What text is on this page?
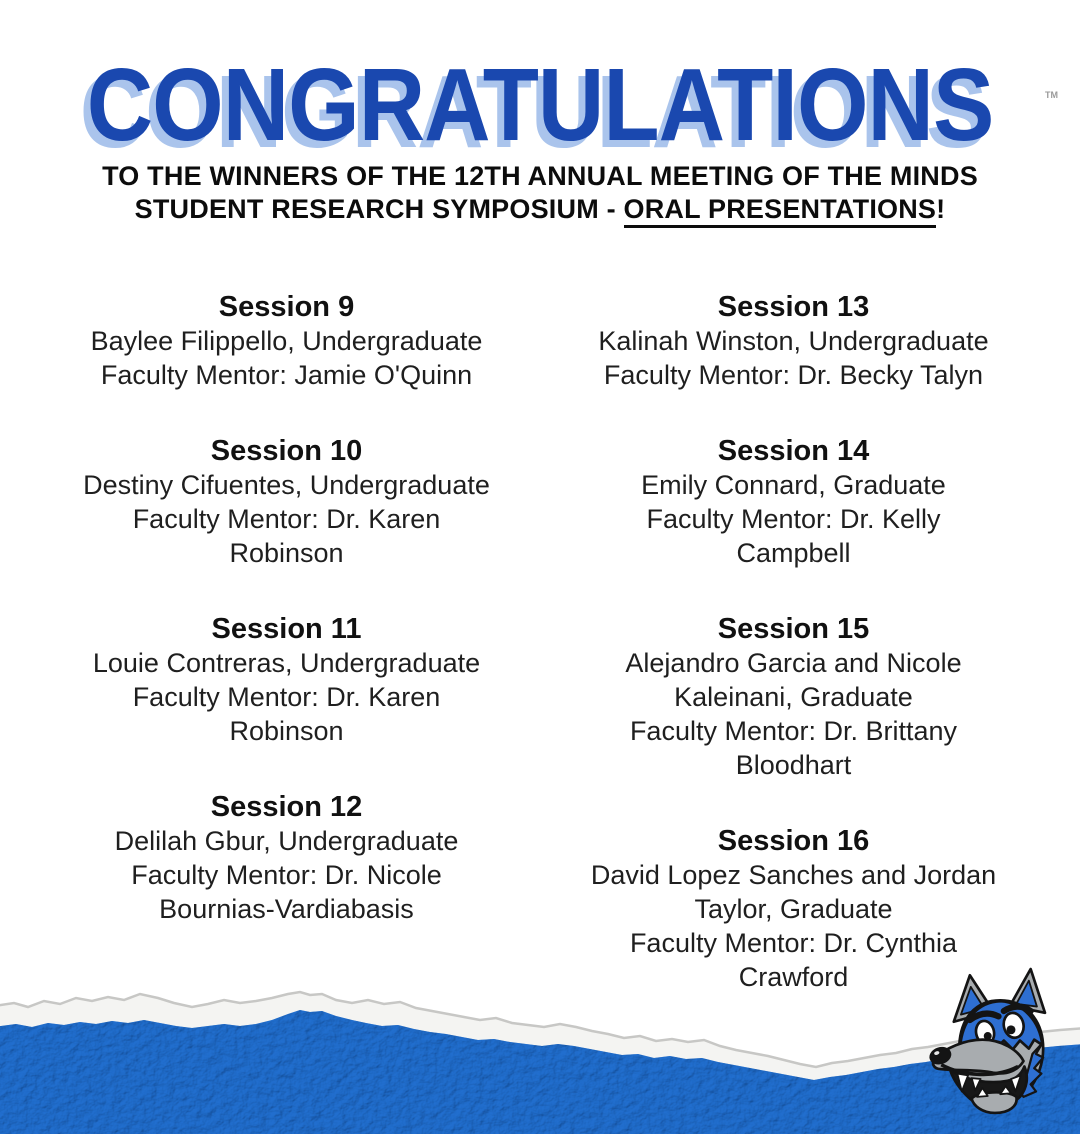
CONGRATULATIONS
TO THE WINNERS OF THE 12TH ANNUAL MEETING OF THE MINDS
STUDENT RESEARCH SYMPOSIUM - ORAL PRESENTATIONS!
Session 9
Baylee Filippello, Undergraduate
Faculty Mentor: Jamie O'Quinn
Session 10
Destiny Cifuentes, Undergraduate
Faculty Mentor: Dr. Karen
Robinson
Session 11
Louie Contreras, Undergraduate
Faculty Mentor: Dr. Karen
Robinson
Session 12
Delilah Gbur, Undergraduate
Faculty Mentor: Dr. Nicole
Bournias-Vardiabasis
Session 13
Kalinah Winston, Undergraduate
Faculty Mentor: Dr. Becky Talyn
Session 14
Emily Connard, Graduate
Faculty Mentor: Dr. Kelly
Campbell
Session 15
Alejandro Garcia and Nicole
Kaleinani, Graduate
Faculty Mentor: Dr. Brittany
Bloodhart
Session 16
David Lopez Sanches and Jordan
Taylor, Graduate
Faculty Mentor: Dr. Cynthia
Crawford
TM
